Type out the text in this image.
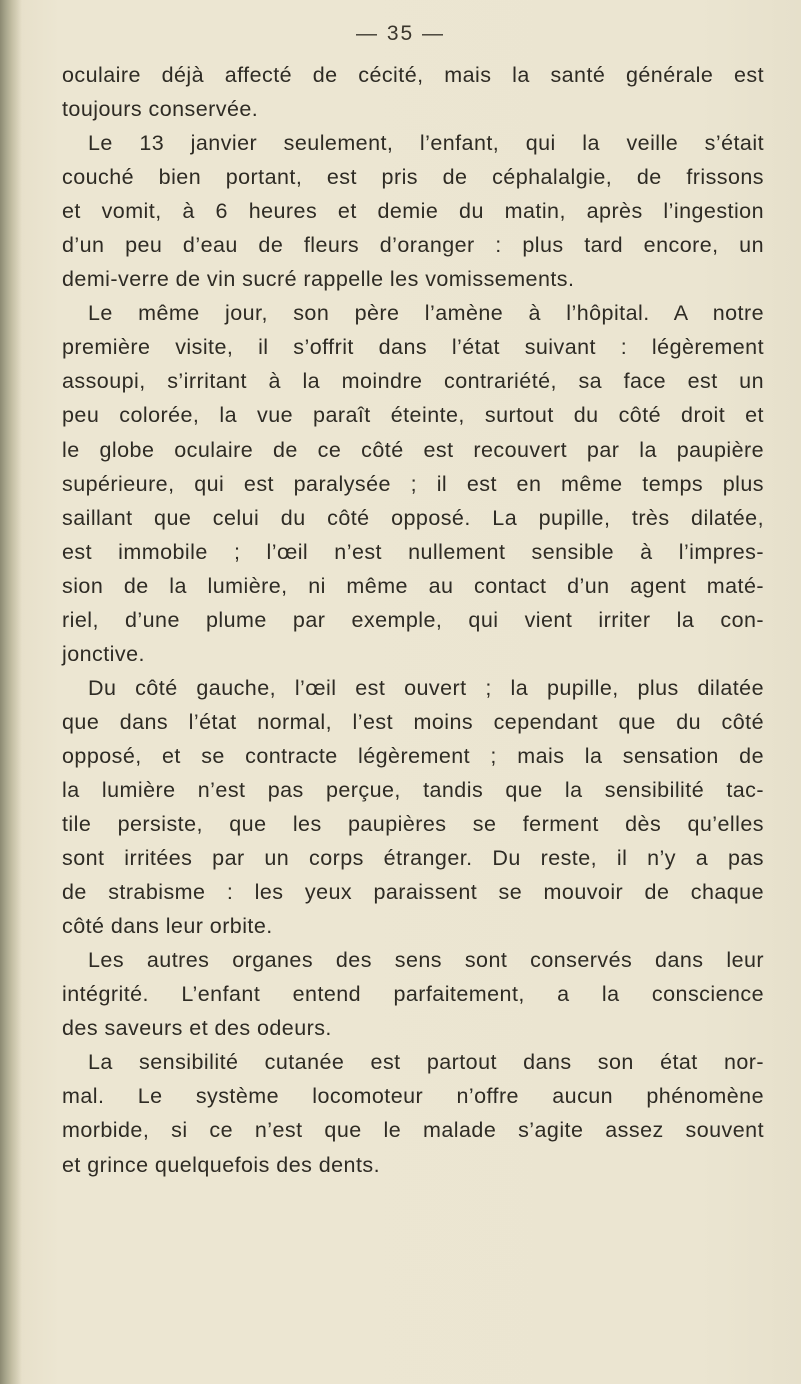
— 35 —
oculaire déjà affecté de cécité, mais la santé générale est
toujours conservée.
Le 13 janvier seulement, l’enfant, qui la veille s’était
couché bien portant, est pris de céphalalgie, de frissons
et vomit, à 6 heures et demie du matin, après l’ingestion
d’un peu d’eau de fleurs d’oranger : plus tard encore, un
demi-verre de vin sucré rappelle les vomissements.
Le même jour, son père l’amène à l’hôpital. A notre
première visite, il s’offrit dans l’état suivant : légèrement
assoupi, s’irritant à la moindre contrariété, sa face est un
peu colorée, la vue paraît éteinte, surtout du côté droit et
le globe oculaire de ce côté est recouvert par la paupière
supérieure, qui est paralysée ; il est en même temps plus
saillant que celui du côté opposé. La pupille, très dilatée,
est immobile ; l’œil n’est nullement sensible à l’impres-
sion de la lumière, ni même au contact d’un agent maté-
riel, d’une plume par exemple, qui vient irriter la con-
jonctive.
Du côté gauche, l’œil est ouvert ; la pupille, plus dilatée
que dans l’état normal, l’est moins cependant que du côté
opposé, et se contracte légèrement ; mais la sensation de
la lumière n’est pas perçue, tandis que la sensibilité tac-
tile persiste, que les paupières se ferment dès qu’elles
sont irritées par un corps étranger. Du reste, il n’y a pas
de strabisme : les yeux paraissent se mouvoir de chaque
côté dans leur orbite.
Les autres organes des sens sont conservés dans leur
intégrité. L’enfant entend parfaitement, a la conscience
des saveurs et des odeurs.
La sensibilité cutanée est partout dans son état nor-
mal. Le système locomoteur n’offre aucun phénomène
morbide, si ce n’est que le malade s’agite assez souvent
et grince quelquefois des dents.
